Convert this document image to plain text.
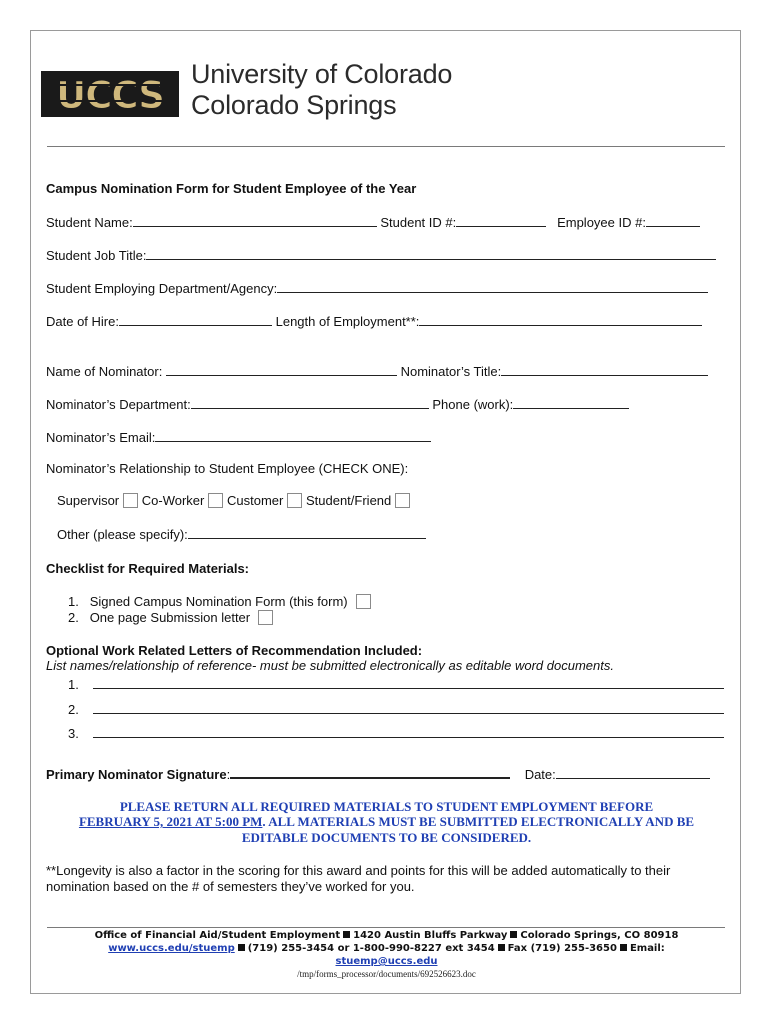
UCCS University of Colorado
Colorado Springs
Campus Nomination Form for Student Employee of the Year
Student Name:	Student ID #:	Employee ID #:
Student Job Title:
Student Employing Department/Agency:
Date of Hire:	Length of Employment**:
Name of Nominator:	Nominator’s Title:
Nominator’s Department:	Phone (work):
Nominator’s Email:
Nominator’s Relationship to Student Employee (CHECK ONE):
Supervisor Co-Worker Customer Student/Friend
Other (please specify):
Checklist for Required Materials:
1.   Signed Campus Nomination Form (this form)
2.   One page Submission letter
Optional Work Related Letters of Recommendation Included:
List names/relationship of reference- must be submitted electronically as editable word documents.
1.
2.
3.
Primary Nominator Signature:	Date:
PLEASE RETURN ALL REQUIRED MATERIALS TO STUDENT EMPLOYMENT BEFORE
FEBRUARY 5, 2021 AT 5:00 PM. ALL MATERIALS MUST BE SUBMITTED ELECTRONICALLY AND BE
EDITABLE DOCUMENTS TO BE CONSIDERED.
**Longevity is also a factor in the scoring for this award and points for this will be added automatically to their
nomination based on the # of semesters they’ve worked for you.
Office of Financial Aid/Student Employment 1420 Austin Bluffs Parkway Colorado Springs, CO 80918
www.uccs.edu/stuemp (719) 255-3454 or 1-800-990-8227 ext 3454 Fax (719) 255-3650 Email:
stuemp@uccs.edu
/tmp/forms_processor/documents/692526623.doc
